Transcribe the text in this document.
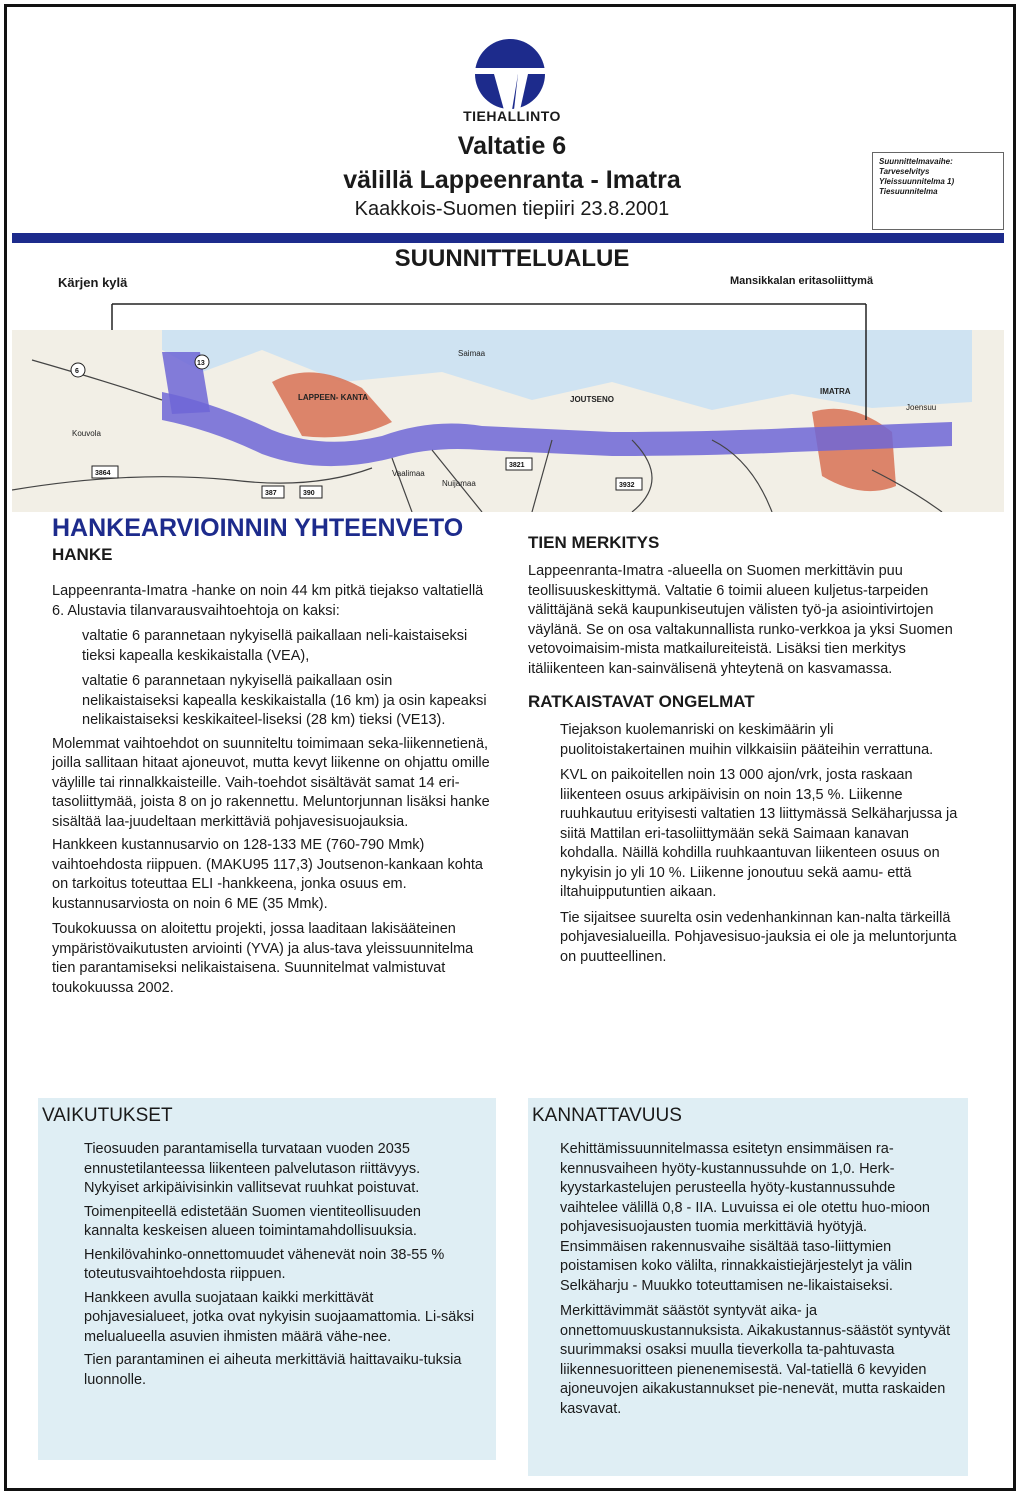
TIEHALLINTO
Valtatie 6
välillä Lappeenranta - Imatra
Kaakkois-Suomen tiepiiri 23.8.2001
Suunnittelmavaihe:
Tarveselvitys
Yleissuunnitelma 1)
Tiesuunnitelma
SUUNNITTELUALUE
Kärjen kylä	Mansikkalan eritasoliittymä
LAPPEEN- KANTA	JOUTSENO
IMATRA
Saimaa
Kouvola
Joensuu
Vaalimaa
Nuijamaa
6
13
3864
387	390
3821
3932
HANKEARVIOINNIN YHTEENVETO
HANKE

Lappeenranta-Imatra -hanke on noin 44 km pitkä tiejakso valtatiellä 6. Alustavia tilanvarausvaihtoehtoja on kaksi:

valtatie 6 parannetaan nykyisellä paikallaan neli-kaistaiseksi tieksi kapealla keskikaistalla (VEA),

valtatie 6 parannetaan nykyisellä paikallaan osin nelikaistaiseksi kapealla keskikaistalla (16 km) ja osin kapeaksi nelikaistaiseksi keskikaiteel-liseksi (28 km) tieksi (VE13).

Molemmat vaihtoehdot on suunniteltu toimimaan seka-liikennetienä, joilla sallitaan hitaat ajoneuvot, mutta kevyt liikenne on ohjattu omille väylille tai rinnalkkaisteille. Vaih-toehdot sisältävät samat 14 eri-tasoliittymää, joista 8 on jo rakennettu. Meluntorjunnan lisäksi hanke sisältää laa-juudeltaan merkittäviä pohjavesisuojauksia.

Hankkeen kustannusarvio on 128-133 ME (760-790 Mmk) vaihtoehdosta riippuen. (MAKU95 117,3) Joutsenon-kankaan kohta on tarkoitus toteuttaa ELI -hankkeena, jonka osuus em. kustannusarviosta on noin 6 ME (35 Mmk).

Toukokuussa on aloitettu projekti, jossa laaditaan lakisääteinen ympäristövaikutusten arviointi (YVA) ja alus-tava yleissuunnitelma tien parantamiseksi nelikaistaisena. Suunnitelmat valmistuvat toukokuussa 2002.

VAIKUTUKSET

Tieosuuden parantamisella turvataan vuoden 2035 ennustetilanteessa liikenteen palvelutason riittävyys. Nykyiset arkipäivisinkin vallitsevat ruuhkat poistuvat.

Toimenpiteellä edistetään Suomen vientiteollisuuden kannalta keskeisen alueen toimintamahdollisuuksia.

Henkilövahinko-onnettomuudet vähenevät noin 38-55 % toteutusvaihtoehdosta riippuen.

Hankkeen avulla suojataan kaikki merkittävät pohjavesialueet, jotka ovat nykyisin suojaamattomia. Li-säksi melualueella asuvien ihmisten määrä vähe-nee.

Tien parantaminen ei aiheuta merkittäviä haittavaiku-tuksia luonnolle.

TIEN MERKITYS

Lappeenranta-Imatra -alueella on Suomen merkittävin puu teollisuuskeskittymä. Valtatie 6 toimii alueen kuljetus-tarpeiden välittäjänä sekä kaupunkiseutujen välisten työ-ja asiointivirtojen väylänä. Se on osa valtakunnallista runko-verkkoa ja yksi Suomen vetovoimaisim-mista matkailureiteistä. Lisäksi tien merkitys itäliikenteen kan-sainvälisenä yhteytenä on kasvamassa.

RATKAISTAVAT ONGELMAT

Tiejakson kuolemanriski on keskimäärin yli puolitoistakertainen muihin vilkkaisiin pääteihin verrattuna.

KVL on paikoitellen noin 13 000 ajon/vrk, josta raskaan liikenteen osuus arkipäivisin on noin 13,5 %. Liikenne ruuhkautuu erityisesti valtatien 13 liittymässä Selkäharjussa ja siitä Mattilan eri-tasoliittymään sekä Saimaan kanavan kohdalla. Näillä kohdilla ruuhkaantuvan liikenteen osuus on nykyisin jo yli 10 %. Liikenne jonoutuu sekä aamu- että iltahuipputuntien aikaan.

Tie sijaitsee suurelta osin vedenhankinnan kan-nalta tärkeillä pohjavesialueilla. Pohjavesisuo-jauksia ei ole ja meluntorjunta on puutteellinen.

KANNATTAVUUS

Kehittämissuunnitelmassa esitetyn ensimmäisen ra-kennusvaiheen hyöty-kustannussuhde on 1,0. Herk-kyystarkastelujen perusteella hyöty-kustannussuhde vaihtelee välillä 0,8 - IIA. Luvuissa ei ole otettu huo-mioon pohjavesisuojausten tuomia merkittäviä hyötyjä. Ensimmäisen rakennusvaihe sisältää taso-liittymien poistamisen koko välilta, rinnakkaistiejärjestelyt ja välin Selkäharju - Muukko toteuttamisen ne-likaistaiseksi.

Merkittävimmät säästöt syntyvät aika- ja onnettomuuskustannuksista. Aikakustannus-säästöt syntyvät suurimmaksi osaksi muulla tieverkolla ta-pahtuvasta liikennesuoritteen pienenemisestä. Val-tatiellä 6 kevyiden ajoneuvojen aikakustannukset pie-nenevät, mutta raskaiden kasvavat.
